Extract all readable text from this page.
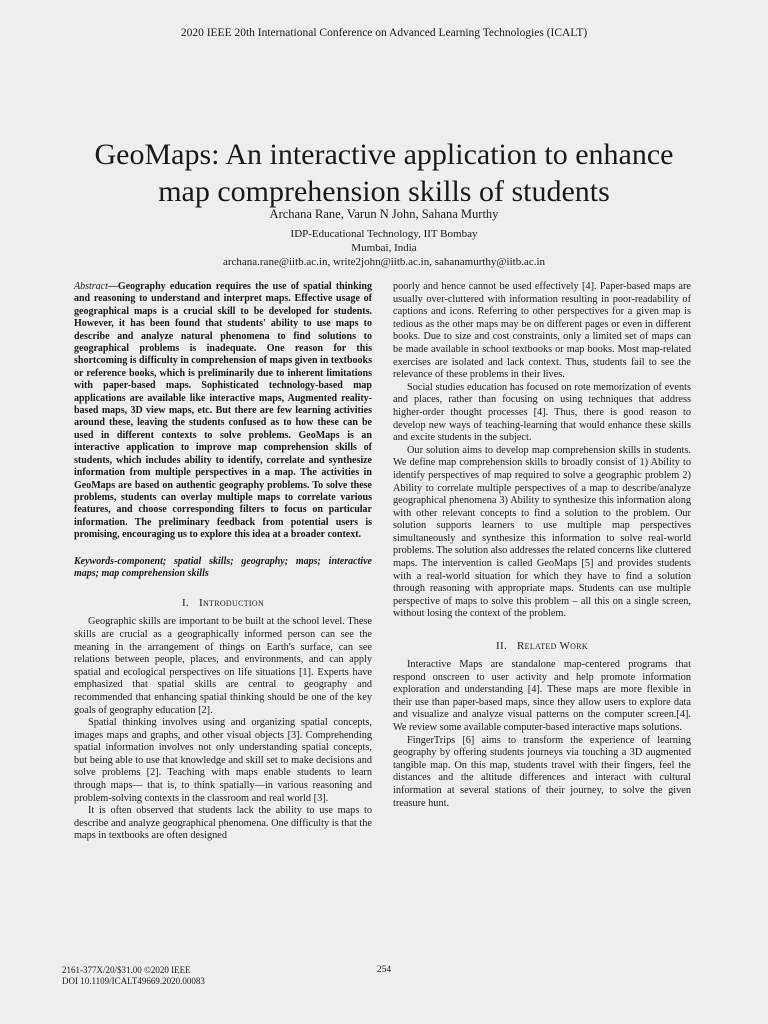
2020 IEEE 20th International Conference on Advanced Learning Technologies (ICALT)
GeoMaps: An interactive application to enhance
map comprehension skills of students
Archana Rane, Varun N John, Sahana Murthy
IDP-Educational Technology, IIT Bombay
Mumbai, India
archana.rane@iitb.ac.in, write2john@iitb.ac.in, sahanamurthy@iitb.ac.in

Abstract—Geography education requires the use of spatial thinking and reasoning to understand and interpret maps. Effective usage of geographical maps is a crucial skill to be developed for students. However, it has been found that students' ability to use maps to describe and analyze natural phenomena to find solutions to geographical problems is inadequate. One reason for this shortcoming is difficulty in comprehension of maps given in textbooks or reference books, which is preliminarily due to inherent limitations with paper-based maps. Sophisticated technology-based map applications are available like interactive maps, Augmented reality-based maps, 3D view maps, etc. But there are few learning activities around these, leaving the students confused as to how these can be used in different contexts to solve problems. GeoMaps is an interactive application to improve map comprehension skills of students, which includes ability to identify, correlate and synthesize information from multiple perspectives in a map. The activities in GeoMaps are based on authentic geography problems. To solve these problems, students can overlay multiple maps to correlate various features, and choose corresponding filters to focus on particular information. The preliminary feedback from potential users is promising, encouraging us to explore this idea at a broader context.

Keywords-component; spatial skills; geography; maps; interactive maps; map comprehension skills

I. Introduction

Geographic skills are important to be built at the school level. These skills are crucial as a geographically informed person can see the meaning in the arrangement of things on Earth's surface, can see relations between people, places, and environments, and can apply spatial and ecological perspectives on life situations [1]. Experts have emphasized that spatial skills are central to geography and recommended that enhancing spatial thinking should be one of the key goals of geography education [2].

Spatial thinking involves using and organizing spatial concepts, images maps and graphs, and other visual objects [3]. Comprehending spatial information involves not only understanding spatial concepts, but being able to use that knowledge and skill set to make decisions and solve problems [2]. Teaching with maps enable students to learn through maps— that is, to think spatially—in various reasoning and problem-solving contexts in the classroom and real world [3].

It is often observed that students lack the ability to use maps to describe and analyze geographical phenomena. One difficulty is that the maps in textbooks are often designed

poorly and hence cannot be used effectively [4]. Paper-based maps are usually over-cluttered with information resulting in poor-readability of captions and icons. Referring to other perspectives for a given map is tedious as the other maps may be on different pages or even in different books. Due to size and cost constraints, only a limited set of maps can be made available in school textbooks or map books. Most map-related exercises are isolated and lack context. Thus, students fail to see the relevance of these problems in their lives.

Social studies education has focused on rote memorization of events and places, rather than focusing on using techniques that address higher-order thought processes [4]. Thus, there is good reason to develop new ways of teaching-learning that would enhance these skills and excite students in the subject.

Our solution aims to develop map comprehension skills in students. We define map comprehension skills to broadly consist of 1) Ability to identify perspectives of map required to solve a geographic problem 2) Ability to correlate multiple perspectives of a map to describe/analyze geographical phenomena 3) Ability to synthesize this information along with other relevant concepts to find a solution to the problem. Our solution supports learners to use multiple map perspectives simultaneously and synthesize this information to solve real-world problems. The solution also addresses the related concerns like cluttered maps. The intervention is called GeoMaps [5] and provides students with a real-world situation for which they have to find a solution through reasoning with appropriate maps. Students can use multiple perspective of maps to solve this problem – all this on a single screen, without losing the context of the problem.

II. Related Work

Interactive Maps are standalone map-centered programs that respond onscreen to user activity and help promote information exploration and understanding [4]. These maps are more flexible in their use than paper-based maps, since they allow users to explore data and visualize and analyze visual patterns on the computer screen.[4]. We review some available computer-based interactive maps solutions.

FingerTrips [6] aims to transform the experience of learning geography by offering students journeys via touching a 3D augmented tangible map. On this map, students travel with their fingers, feel the distances and the altitude differences and interact with cultural information at several stations of their journey, to solve the given treasure hunt.

2161-377X/20/$31.00 ©2020 IEEE
DOI 10.1109/ICALT49669.2020.00083
254
